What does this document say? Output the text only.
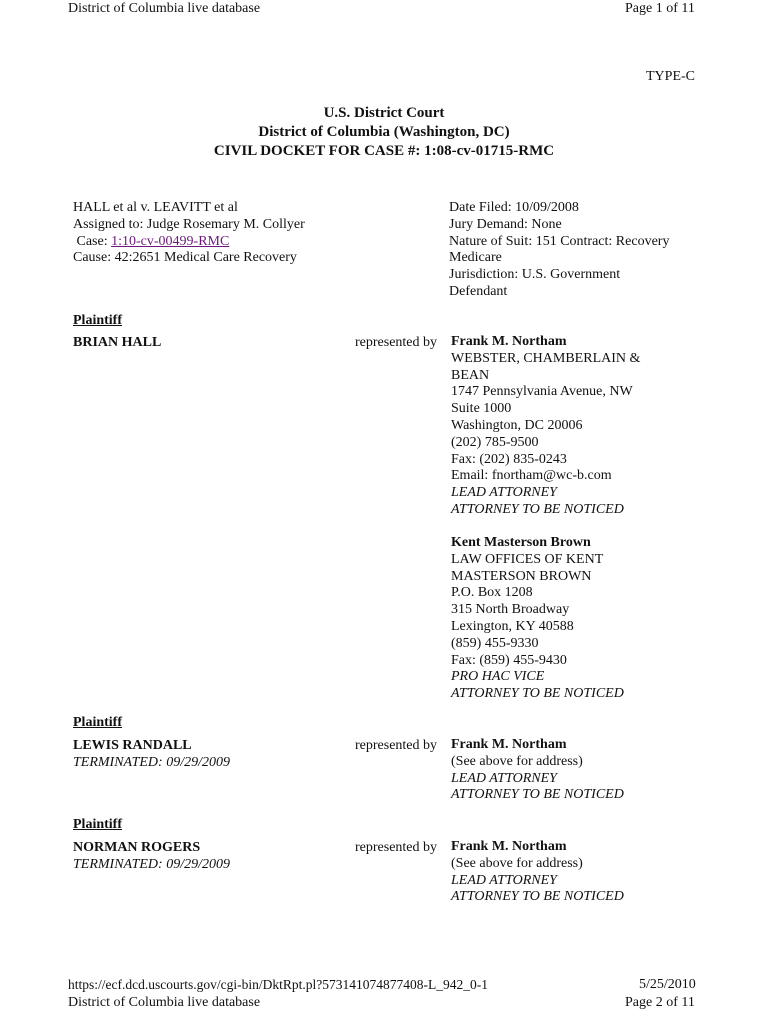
District of Columbia live database	Page 1 of 11
TYPE-C
U.S. District Court
District of Columbia (Washington, DC)
CIVIL DOCKET FOR CASE #: 1:08-cv-01715-RMC
HALL et al v. LEAVITT et al
Assigned to: Judge Rosemary M. Collyer
Case: 1:10-cv-00499-RMC
Cause: 42:2651 Medical Care Recovery
Date Filed: 10/09/2008
Jury Demand: None
Nature of Suit: 151 Contract: Recovery
Medicare
Jurisdiction: U.S. Government
Defendant
Plaintiff
BRIAN HALL	represented by Frank M. Northam
WEBSTER, CHAMBERLAIN &
BEAN
1747 Pennsylvania Avenue, NW
Suite 1000
Washington, DC 20006
(202) 785-9500
Fax: (202) 835-0243
Email: fnortham@wc-b.com
LEAD ATTORNEY
ATTORNEY TO BE NOTICED
Kent Masterson Brown
LAW OFFICES OF KENT
MASTERSON BROWN
P.O. Box 1208
315 North Broadway
Lexington, KY 40588
(859) 455-9330
Fax: (859) 455-9430
PRO HAC VICE
ATTORNEY TO BE NOTICED
Plaintiff
LEWIS RANDALL
TERMINATED: 09/29/2009
represented by Frank M. Northam
(See above for address)
LEAD ATTORNEY
ATTORNEY TO BE NOTICED
Plaintiff
NORMAN ROGERS
TERMINATED: 09/29/2009
represented by Frank M. Northam
(See above for address)
LEAD ATTORNEY
ATTORNEY TO BE NOTICED
https://ecf.dcd.uscourts.gov/cgi-bin/DktRpt.pl?573141074877408-L_942_0-1	5/25/2010
District of Columbia live database	Page 2 of 11
